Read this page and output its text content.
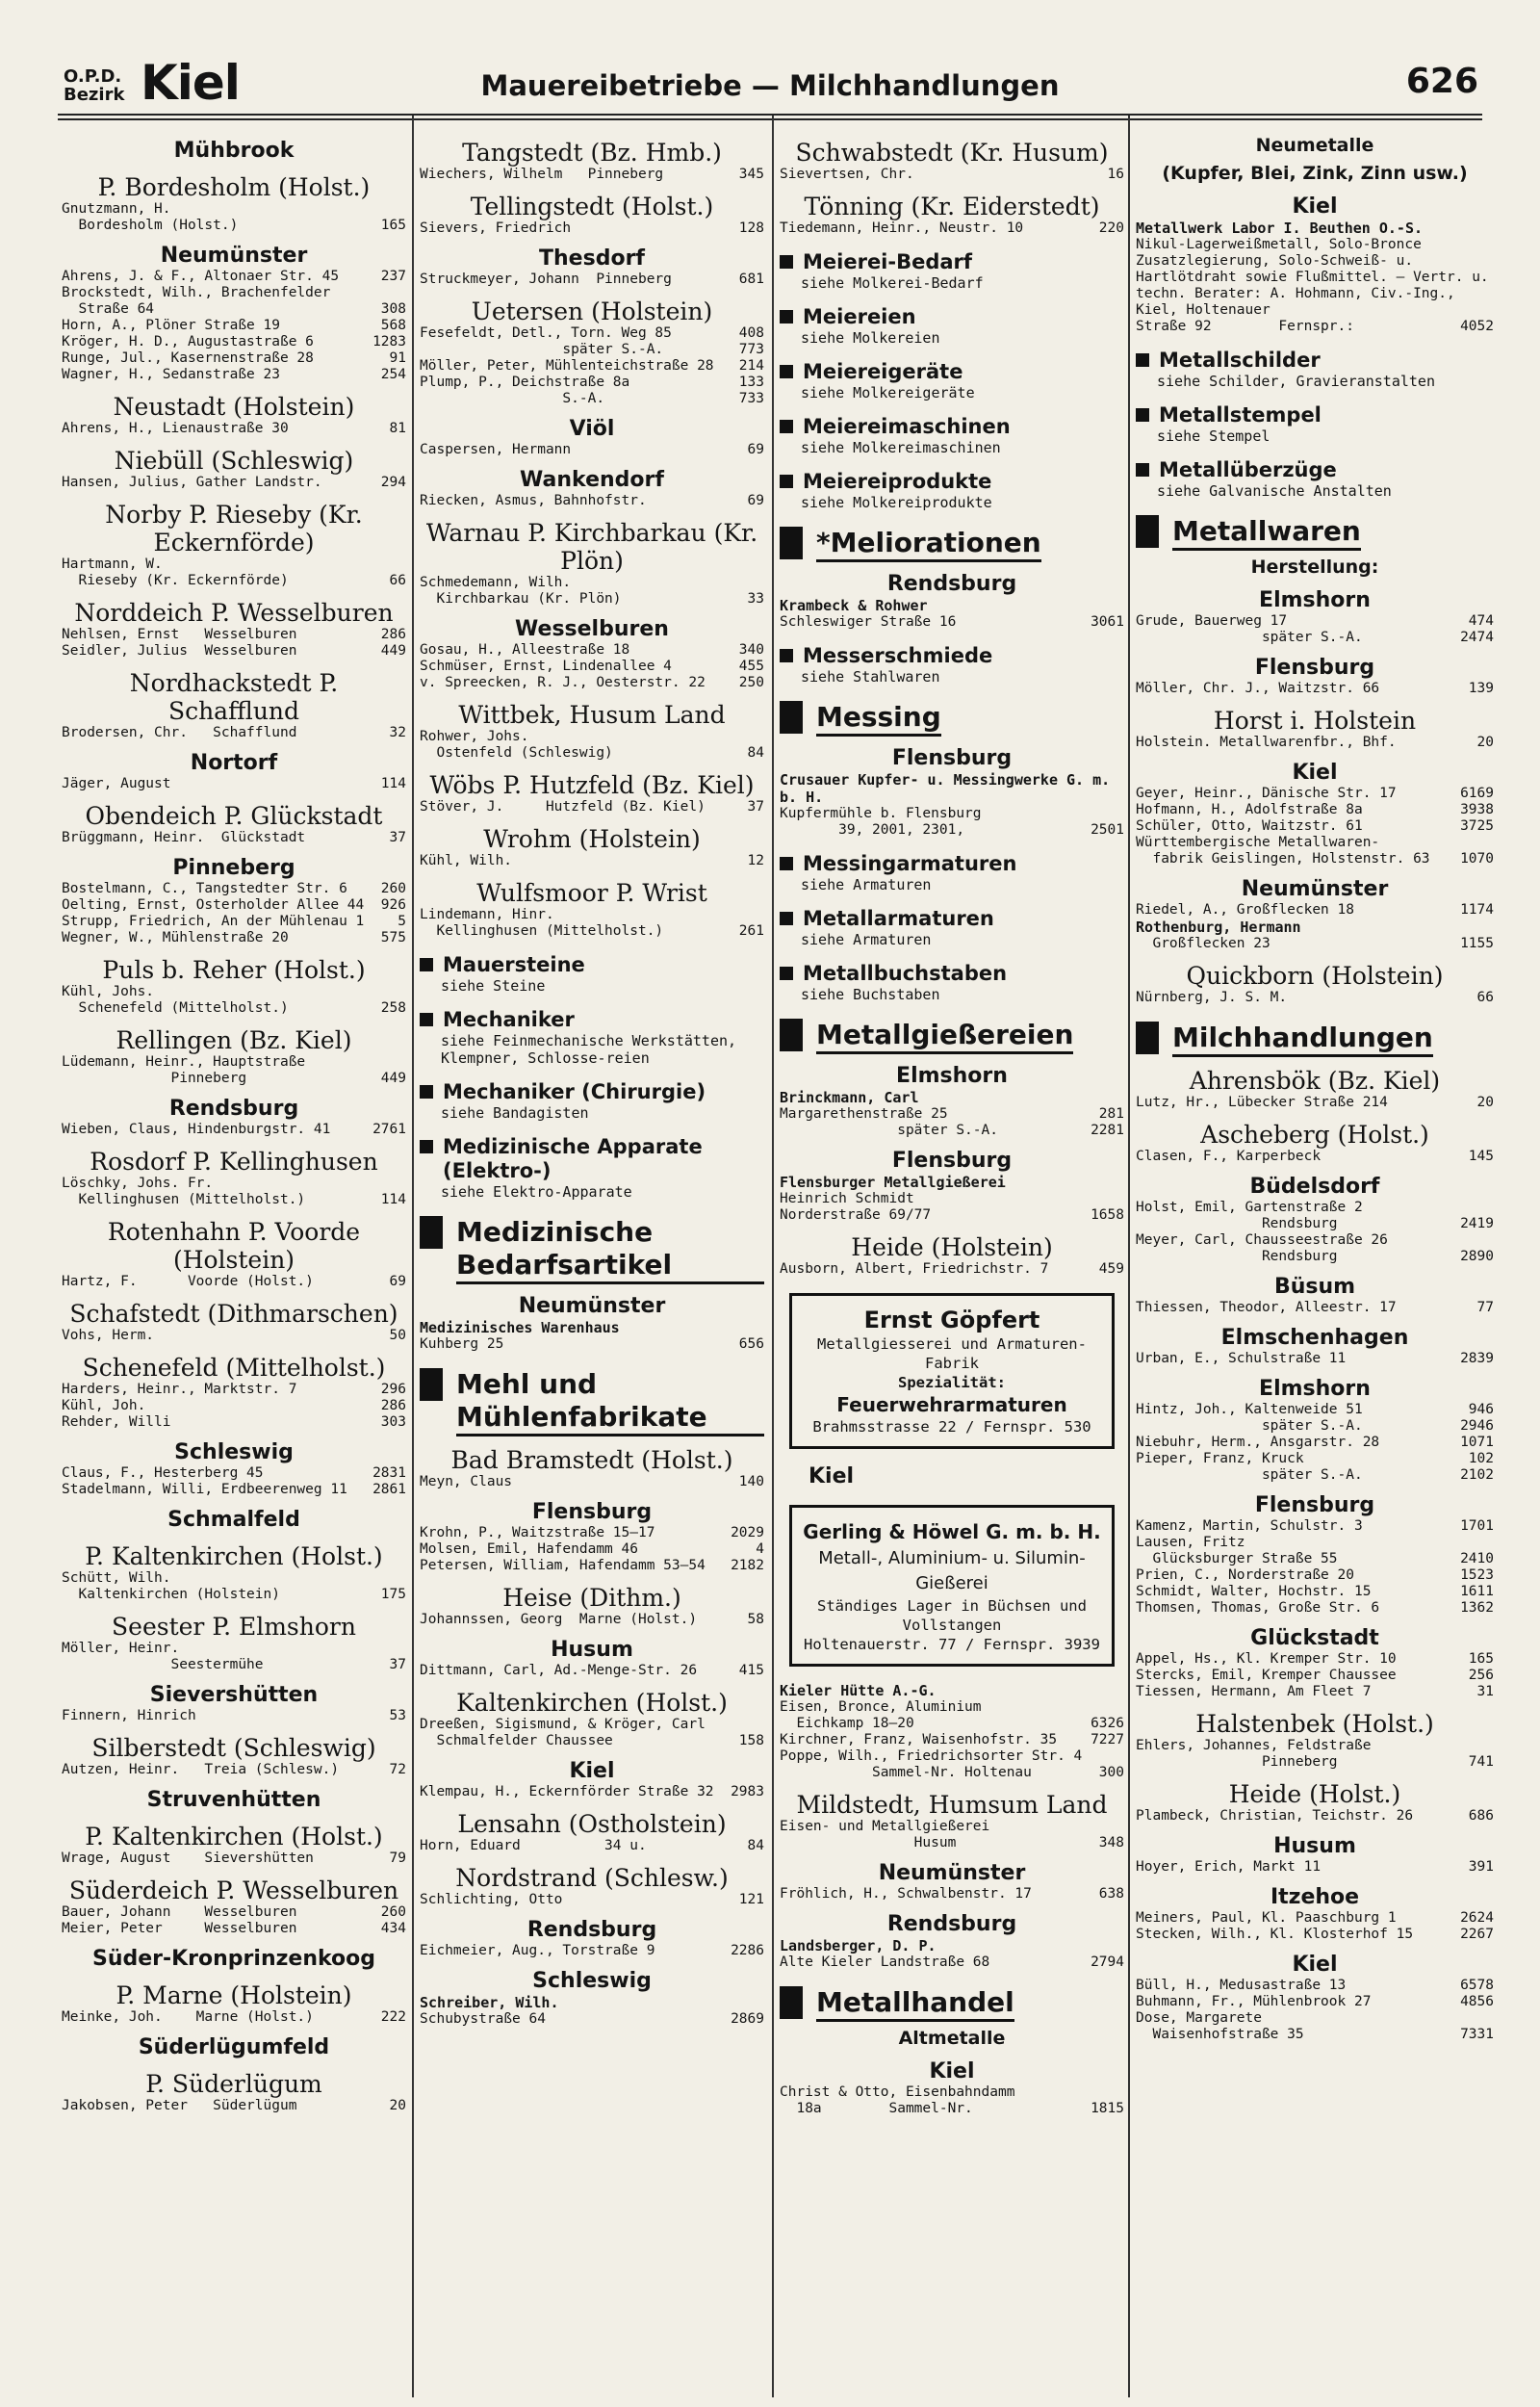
O.P.D.
Bezirk Kiel	Mauereibetriebe — Milchhandlungen	626
Mühbrook
P. Bordesholm (Holst.)
Gnutzmann, H.
Bordesholm (Holst.)	165
Neumünster
Ahrens, J. & F., Altonaer Str. 45	237
Brockstedt, Wilh., Brachenfelder
Straße 64	308
Horn, A., Plöner Straße 19	568
Kröger, H. D., Augustastraße 6	1283
Runge, Jul., Kasernenstraße 28	91
Wagner, H., Sedanstraße 23	254
Neustadt (Holstein)
Ahrens, H., Lienaustraße 30	81
Niebüll (Schleswig)
Hansen, Julius, Gather Landstr.	294
Norby P. Rieseby (Kr. Eckernförde)
Hartmann, W.
Rieseby (Kr. Eckernförde)	66
Norddeich P. Wesselburen
Nehlsen, Ernst   Wesselburen	286
Seidler, Julius  Wesselburen	449
Nordhackstedt P. Schafflund
Brodersen, Chr.   Schafflund	32
Nortorf
Jäger, August	114
Obendeich P. Glückstadt
Brüggmann, Heinr.  Glückstadt	37
Pinneberg
Bostelmann, C., Tangstedter Str. 6	260
Oelting, Ernst, Osterholder Allee 44	926
Strupp, Friedrich, An der Mühlenau 1	5
Wegner, W., Mühlenstraße 20	575
Puls b. Reher (Holst.)
Kühl, Johs.
Schenefeld (Mittelholst.)	258
Rellingen (Bz. Kiel)
Lüdemann, Heinr., Hauptstraße
Pinneberg	449
Rendsburg
Wieben, Claus, Hindenburgstr. 41	2761
Rosdorf P. Kellinghusen
Löschky, Johs. Fr.
Kellinghusen (Mittelholst.)	114
Rotenhahn P. Voorde (Holstein)
Hartz, F.      Voorde (Holst.)	69
Schafstedt (Dithmarschen)
Vohs, Herm.	50
Schenefeld (Mittelholst.)
Harders, Heinr., Marktstr. 7	296
Kühl, Joh.	286
Rehder, Willi	303
Schleswig
Claus, F., Hesterberg 45	2831
Stadelmann, Willi, Erdbeerenweg 11	2861
Schmalfeld
P. Kaltenkirchen (Holst.)
Schütt, Wilh.
Kaltenkirchen (Holstein)	175
Seester P. Elmshorn
Möller, Heinr.
Seestermühe	37
Sievershütten
Finnern, Hinrich	53
Silberstedt (Schleswig)
Autzen, Heinr.   Treia (Schlesw.)	72
Struvenhütten
P. Kaltenkirchen (Holst.)
Wrage, August    Sievershütten	79
Süderdeich P. Wesselburen
Bauer, Johann    Wesselburen	260
Meier, Peter     Wesselburen	434
Süder-Kronprinzenkoog
P. Marne (Holstein)
Meinke, Joh.    Marne (Holst.)	222
Süderlügumfeld
P. Süderlügum
Jakobsen, Peter   Süderlügum	20
Tangstedt (Bz. Hmb.)
Wiechers, Wilhelm   Pinneberg	345
Tellingstedt (Holst.)
Sievers, Friedrich	128
Thesdorf
Struckmeyer, Johann  Pinneberg	681
Uetersen (Holstein)
Fesefeldt, Detl., Torn. Weg 85	408
später S.-A.	773
Möller, Peter, Mühlenteichstraße 28	214
Plump, P., Deichstraße 8a	133
S.-A.	733
Viöl
Caspersen, Hermann	69
Wankendorf
Riecken, Asmus, Bahnhofstr.	69
Warnau P. Kirchbarkau (Kr. Plön)
Schmedemann, Wilh.
Kirchbarkau (Kr. Plön)	33
Wesselburen
Gosau, H., Alleestraße 18	340
Schmüser, Ernst, Lindenallee 4	455
v. Spreecken, R. J., Oesterstr. 22	250
Wittbek, Husum Land
Rohwer, Johs.
Ostenfeld (Schleswig)	84
Wöbs P. Hutzfeld (Bz. Kiel)
Stöver, J.     Hutzfeld (Bz. Kiel)	37
Wrohm (Holstein)
Kühl, Wilh.	12
Wulfsmoor P. Wrist
Lindemann, Hinr.
Kellinghusen (Mittelholst.)	261
Mauersteine
siehe Steine
Mechaniker
siehe Feinmechanische Werkstätten, Klempner, Schlosse-reien
Mechaniker (Chirurgie)
siehe Bandagisten
Medizinische Apparate (Elektro-)
siehe Elektro-Apparate
Medizinische Bedarfsartikel
Neumünster
Medizinisches Warenhaus
Kuhberg 25	656
Mehl und Mühlenfabrikate
Bad Bramstedt (Holst.)
Meyn, Claus	140
Flensburg
Krohn, P., Waitzstraße 15—17	2029
Molsen, Emil, Hafendamm 46	4
Petersen, William, Hafendamm 53—54	2182
Heise (Dithm.)
Johannssen, Georg  Marne (Holst.)	58
Husum
Dittmann, Carl, Ad.-Menge-Str. 26	415
Kaltenkirchen (Holst.)
Dreeßen, Sigismund, & Kröger, Carl
Schmalfelder Chaussee	158
Kiel
Klempau, H., Eckernförder Straße 32	2983
Lensahn (Ostholstein)
Horn, Eduard          34 u.	84
Nordstrand (Schlesw.)
Schlichting, Otto	121
Rendsburg
Eichmeier, Aug., Torstraße 9	2286
Schleswig
Schreiber, Wilh.
Schubystraße 64	2869
Schwabstedt (Kr. Husum)
Sievertsen, Chr.	16
Tönning (Kr. Eiderstedt)
Tiedemann, Heinr., Neustr. 10	220
Meierei-Bedarf
siehe Molkerei-Bedarf
Meiereien
siehe Molkereien
Meiereigeräte
siehe Molkereigeräte
Meiereimaschinen
siehe Molkereimaschinen
Meiereiprodukte
siehe Molkereiprodukte
*Meliorationen
Rendsburg
Krambeck & Rohwer
Schleswiger Straße 16	3061
Messerschmiede
siehe Stahlwaren
Messing
Flensburg
Crusauer Kupfer- u. Messingwerke G. m. b. H.
Kupfermühle b. Flensburg
39, 2001, 2301,	2501
Messingarmaturen
siehe Armaturen
Metallarmaturen
siehe Armaturen
Metallbuchstaben
siehe Buchstaben
Metallgießereien
Elmshorn
Brinckmann, Carl
Margarethenstraße 25	281
später S.-A.	2281
Flensburg
Flensburger Metallgießerei
Heinrich Schmidt
Norderstraße 69/77	1658
Heide (Holstein)
Ausborn, Albert, Friedrichstr. 7	459
Ernst Göpfert
Metallgiesserei und Armaturen-Fabrik
Spezialität:
Feuerwehrarmaturen
Brahmsstrasse 22 / Fernspr. 530
Kiel
Gerling & Höwel G. m. b. H.
Metall-, Aluminium- u. Silumin-Gießerei
Ständiges Lager in Büchsen und Vollstangen
Holtenauerstr. 77 / Fernspr. 3939
Kieler Hütte A.-G.
Eisen, Bronce, Aluminium
Eichkamp 18—20	6326
Kirchner, Franz, Waisenhofstr. 35	7227
Poppe, Wilh., Friedrichsorter Str. 4
Sammel-Nr. Holtenau	300
Mildstedt, Humsum Land
Eisen- und Metallgießerei
Husum	348
Neumünster
Fröhlich, H., Schwalbenstr. 17	638
Rendsburg
Landsberger, D. P.
Alte Kieler Landstraße 68	2794
Metallhandel
Altmetalle
Kiel
Christ & Otto, Eisenbahndamm
18a        Sammel-Nr.	1815
Neumetalle
(Kupfer, Blei, Zink, Zinn usw.)
Kiel
Metallwerk Labor I. Beuthen O.-S.
Nikul-Lagerweißmetall, Solo-Bronce Zusatzlegierung, Solo-Schweiß- u. Hartlötdraht sowie Flußmittel. — Vertr. u. techn. Berater: A. Hohmann, Civ.-Ing., Kiel, Holtenauer
Straße 92        Fernspr.:	4052
Metallschilder
siehe Schilder, Gravieranstalten
Metallstempel
siehe Stempel
Metallüberzüge
siehe Galvanische Anstalten
Metallwaren
Herstellung:
Elmshorn
Grude, Bauerweg 17	474
später S.-A.	2474
Flensburg
Möller, Chr. J., Waitzstr. 66	139
Horst i. Holstein
Holstein. Metallwarenfbr., Bhf.	20
Kiel
Geyer, Heinr., Dänische Str. 17	6169
Hofmann, H., Adolfstraße 8a	3938
Schüler, Otto, Waitzstr. 61	3725
Württembergische Metallwaren-
fabrik Geislingen, Holstenstr. 63	1070
Neumünster
Riedel, A., Großflecken 18	1174
Rothenburg, Hermann
Großflecken 23	1155
Quickborn (Holstein)
Nürnberg, J. S. M.	66
Milchhandlungen
Ahrensbök (Bz. Kiel)
Lutz, Hr., Lübecker Straße 214	20
Ascheberg (Holst.)
Clasen, F., Karperbeck	145
Büdelsdorf
Holst, Emil, Gartenstraße 2
Rendsburg	2419
Meyer, Carl, Chausseestraße 26
Rendsburg	2890
Büsum
Thiessen, Theodor, Alleestr. 17	77
Elmschenhagen
Urban, E., Schulstraße 11	2839
Elmshorn
Hintz, Joh., Kaltenweide 51	946
später S.-A.	2946
Niebuhr, Herm., Ansgarstr. 28	1071
Pieper, Franz, Kruck	102
später S.-A.	2102
Flensburg
Kamenz, Martin, Schulstr. 3	1701
Lausen, Fritz
Glücksburger Straße 55	2410
Prien, C., Norderstraße 20	1523
Schmidt, Walter, Hochstr. 15	1611
Thomsen, Thomas, Große Str. 6	1362
Glückstadt
Appel, Hs., Kl. Kremper Str. 10	165
Stercks, Emil, Kremper Chaussee	256
Tiessen, Hermann, Am Fleet 7	31
Halstenbek (Holst.)
Ehlers, Johannes, Feldstraße
Pinneberg	741
Heide (Holst.)
Plambeck, Christian, Teichstr. 26	686
Husum
Hoyer, Erich, Markt 11	391
Itzehoe
Meiners, Paul, Kl. Paaschburg 1	2624
Stecken, Wilh., Kl. Klosterhof 15	2267
Kiel
Büll, H., Medusastraße 13	6578
Buhmann, Fr., Mühlenbrook 27	4856
Dose, Margarete
Waisenhofstraße 35	7331
